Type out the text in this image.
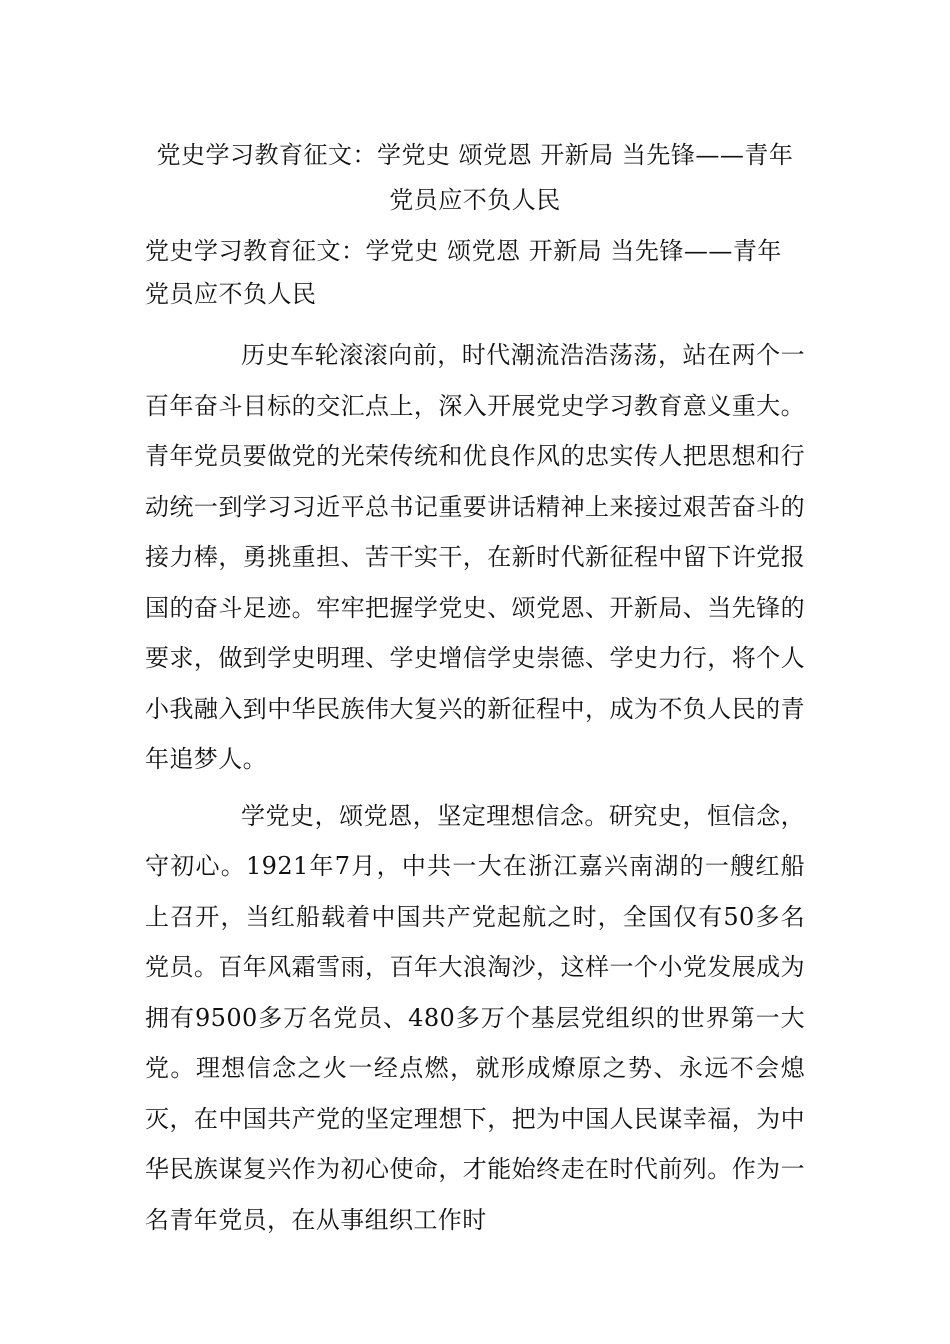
党史学习教育征文：学党史 颂党恩 开新局 当先锋——青年党员应不负人民

党史学习教育征文：学党史 颂党恩 开新局 当先锋——青年党员应不负人民

历史车轮滚滚向前，时代潮流浩浩荡荡，站在两个一百年奋斗目标的交汇点上，深入开展党史学习教育意义重大。青年党员要做党的光荣传统和优良作风的忠实传人把思想和行动统一到学习习近平总书记重要讲话精神上来接过艰苦奋斗的接力棒，勇挑重担、苦干实干，在新时代新征程中留下许党报国的奋斗足迹。牢牢把握学党史、颂党恩、开新局、当先锋的要求，做到学史明理、学史增信学史崇德、学史力行，将个人小我融入到中华民族伟大复兴的新征程中，成为不负人民的青年追梦人。

学党史，颂党恩，坚定理想信念。研究史，恒信念，守初心。1921年7月，中共一大在浙江嘉兴南湖的一艘红船上召开，当红船载着中国共产党起航之时，全国仅有50多名党员。百年风霜雪雨，百年大浪淘沙，这样一个小党发展成为拥有9500多万名党员、480多万个基层党组织的世界第一大党。理想信念之火一经点燃，就形成燎原之势、永远不会熄灭，在中国共产党的坚定理想下，把为中国人民谋幸福，为中华民族谋复兴作为初心使命，才能始终走在时代前列。作为一名青年党员，在从事组织工作时
